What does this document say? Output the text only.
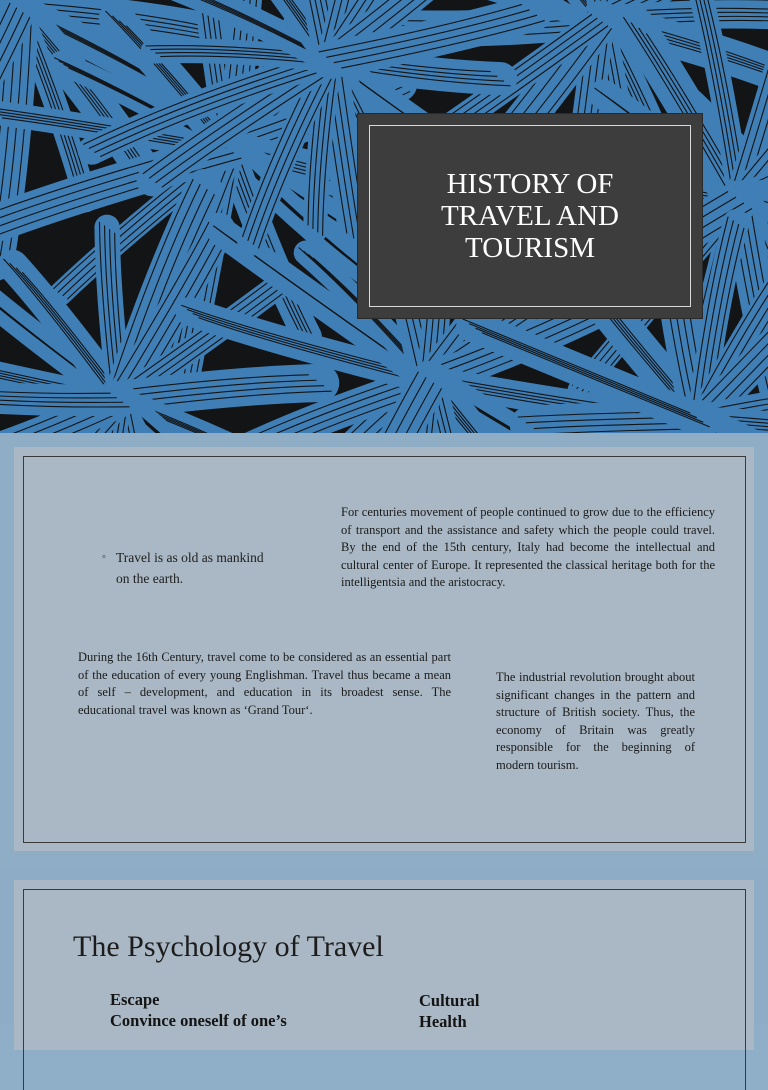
HISTORY OF TRAVEL AND TOURISM
◦ Travel is as old as mankind on the earth.

For centuries movement of people continued to grow due to the efficiency of transport and the assistance and safety which the people could travel. By the end of the 15th century, Italy had become the intellectual and cultural center of Europe. It represented the classical heritage both for the intelligentsia and the aristocracy.

During the 16th Century, travel come to be considered as an essential part of the education of every young Englishman. Travel thus became a mean of self – development, and education in its broadest sense. The educational travel was known as ‘Grand Tour‘.

The industrial revolution brought about significant changes in the pattern and structure of British society. Thus, the economy of Britain was greatly responsible for the beginning of modern tourism.

The Psychology of Travel
Escape
Convince oneself of one’s
Cultural
Health
